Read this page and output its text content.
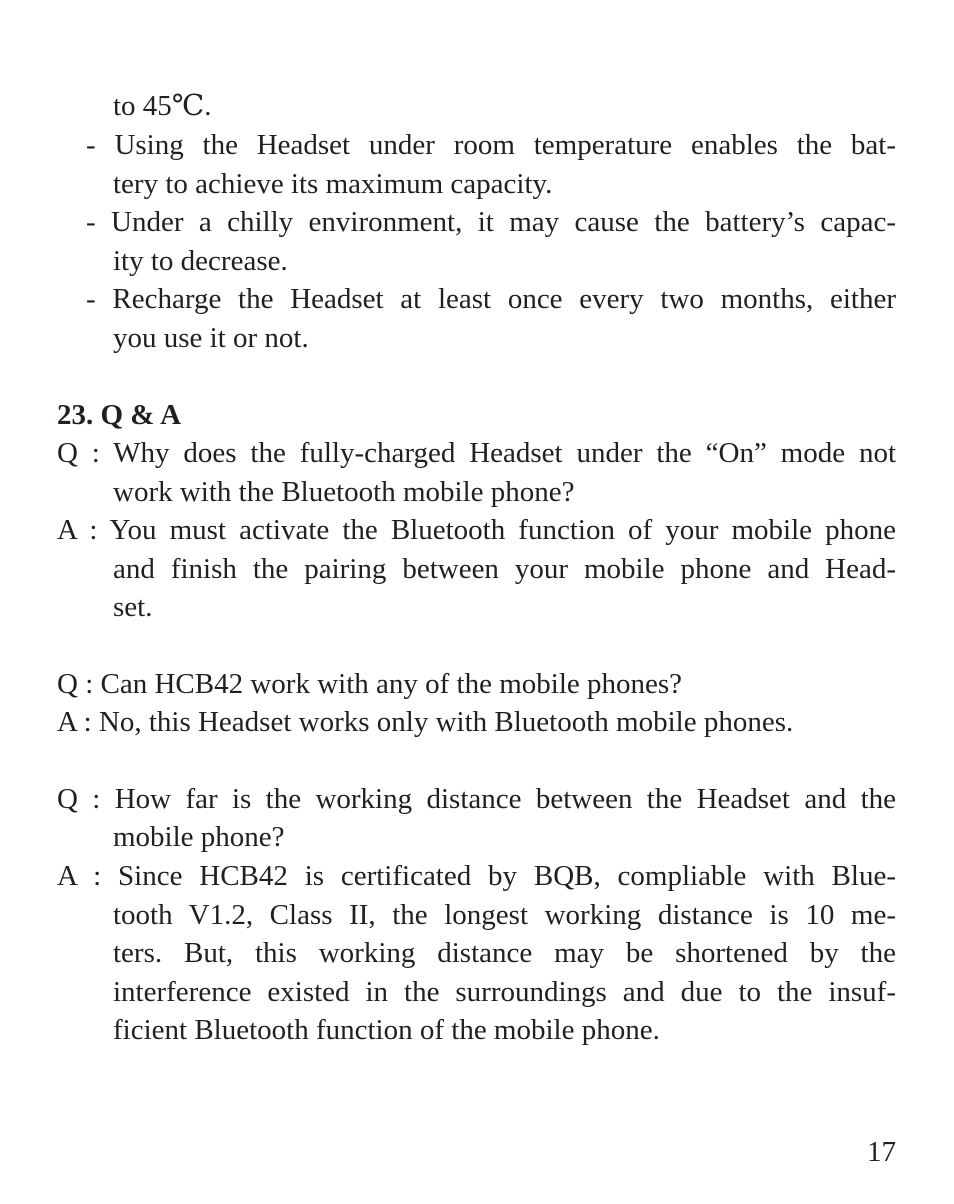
to 45℃.
- Using the Headset under room temperature enables the bat-
tery to achieve its maximum capacity.
- Under a chilly environment, it may cause the battery’s capac-
ity to decrease.
- Recharge the Headset at least once every two months, either
you use it or not.
23. Q & A
Q : Why does the fully-charged Headset under the “On” mode not
work with the Bluetooth mobile phone?
A : You must activate the Bluetooth function of your mobile phone
and finish the pairing between your mobile phone and Head-
set.
Q : Can HCB42 work with any of the mobile phones?
A : No, this Headset works only with Bluetooth mobile phones.
Q : How far is the working distance between the Headset and the
mobile phone?
A : Since HCB42 is certificated by BQB, compliable with Blue-
tooth V1.2, Class II, the longest working distance is 10 me-
ters. But, this working distance may be shortened by the
interference existed in the surroundings and due to the insuf-
ficient Bluetooth function of the mobile phone.
17
